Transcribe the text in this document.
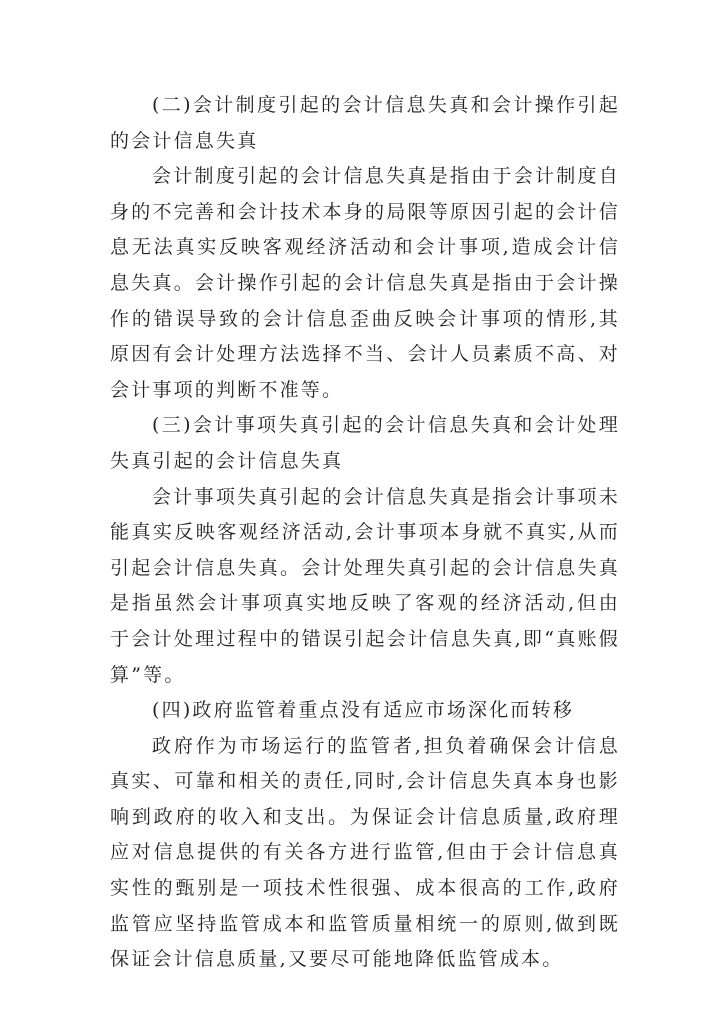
(二)会计制度引起的会计信息失真和会计操作引起的会计信息失真

会计制度引起的会计信息失真是指由于会计制度自身的不完善和会计技术本身的局限等原因引起的会计信息无法真实反映客观经济活动和会计事项,造成会计信息失真。会计操作引起的会计信息失真是指由于会计操作的错误导致的会计信息歪曲反映会计事项的情形,其原因有会计处理方法选择不当、会计人员素质不高、对会计事项的判断不准等。

(三)会计事项失真引起的会计信息失真和会计处理失真引起的会计信息失真

会计事项失真引起的会计信息失真是指会计事项未能真实反映客观经济活动,会计事项本身就不真实,从而引起会计信息失真。会计处理失真引起的会计信息失真是指虽然会计事项真实地反映了客观的经济活动,但由于会计处理过程中的错误引起会计信息失真,即“真账假算”等。

(四)政府监管着重点没有适应市场深化而转移

政府作为市场运行的监管者,担负着确保会计信息真实、可靠和相关的责任,同时,会计信息失真本身也影响到政府的收入和支出。为保证会计信息质量,政府理应对信息提供的有关各方进行监管,但由于会计信息真实性的甄别是一项技术性很强、成本很高的工作,政府监管应坚持监管成本和监管质量相统一的原则,做到既保证会计信息质量,又要尽可能地降低监管成本。
